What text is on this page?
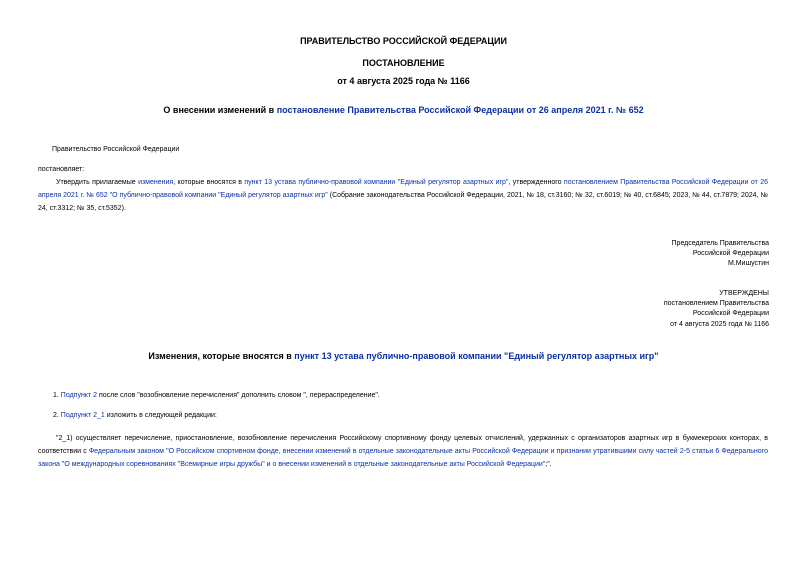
ПРАВИТЕЛЬСТВО РОССИЙСКОЙ ФЕДЕРАЦИИ
ПОСТАНОВЛЕНИЕ
от 4 августа 2025 года № 1166
О внесении изменений в постановление Правительства Российской Федерации от 26 апреля 2021 г. № 652
Правительство Российской Федерации
постановляет:
Утвердить прилагаемые изменения, которые вносятся в пункт 13 устава публично-правовой компании "Единый регулятор азартных игр", утвержденного постановлением Правительства Российской Федерации от 26 апреля 2021 г. № 652 "О публично-правовой компании "Единый регулятор азартных игр" (Собрание законодательства Российской Федерации, 2021, № 18, ст.3160; № 32, ст.6019; № 40, ст.6845; 2023, № 44, ст.7879; 2024, № 24, ст.3312; № 35, ст.5352).
Председатель Правительства
Российской Федерации
М.Мишустин
УТВЕРЖДЕНЫ
постановлением Правительства
Российской Федерации
от 4 августа 2025 года № 1166
Изменения, которые вносятся в пункт 13 устава публично-правовой компании "Единый регулятор азартных игр"
1. Подпункт 2 после слов "возобновление перечисления" дополнить словом ", перераспределение".
2. Подпункт 2_1 изложить в следующей редакции:
"2_1) осуществляет перечисление, приостановление, возобновление перечисления Российскому спортивному фонду целевых отчислений, удержанных с организаторов азартных игр в букмекерских конторах, в соответствии с Федеральным законом "О Российском спортивном фонде, внесении изменений в отдельные законодательные акты Российской Федерации и признании утратившими силу частей 2-5 статьи 6 Федерального закона "О международных соревнованиях "Всемирные игры дружбы" и о внесении изменений в отдельные законодательные акты Российской Федерации";".
